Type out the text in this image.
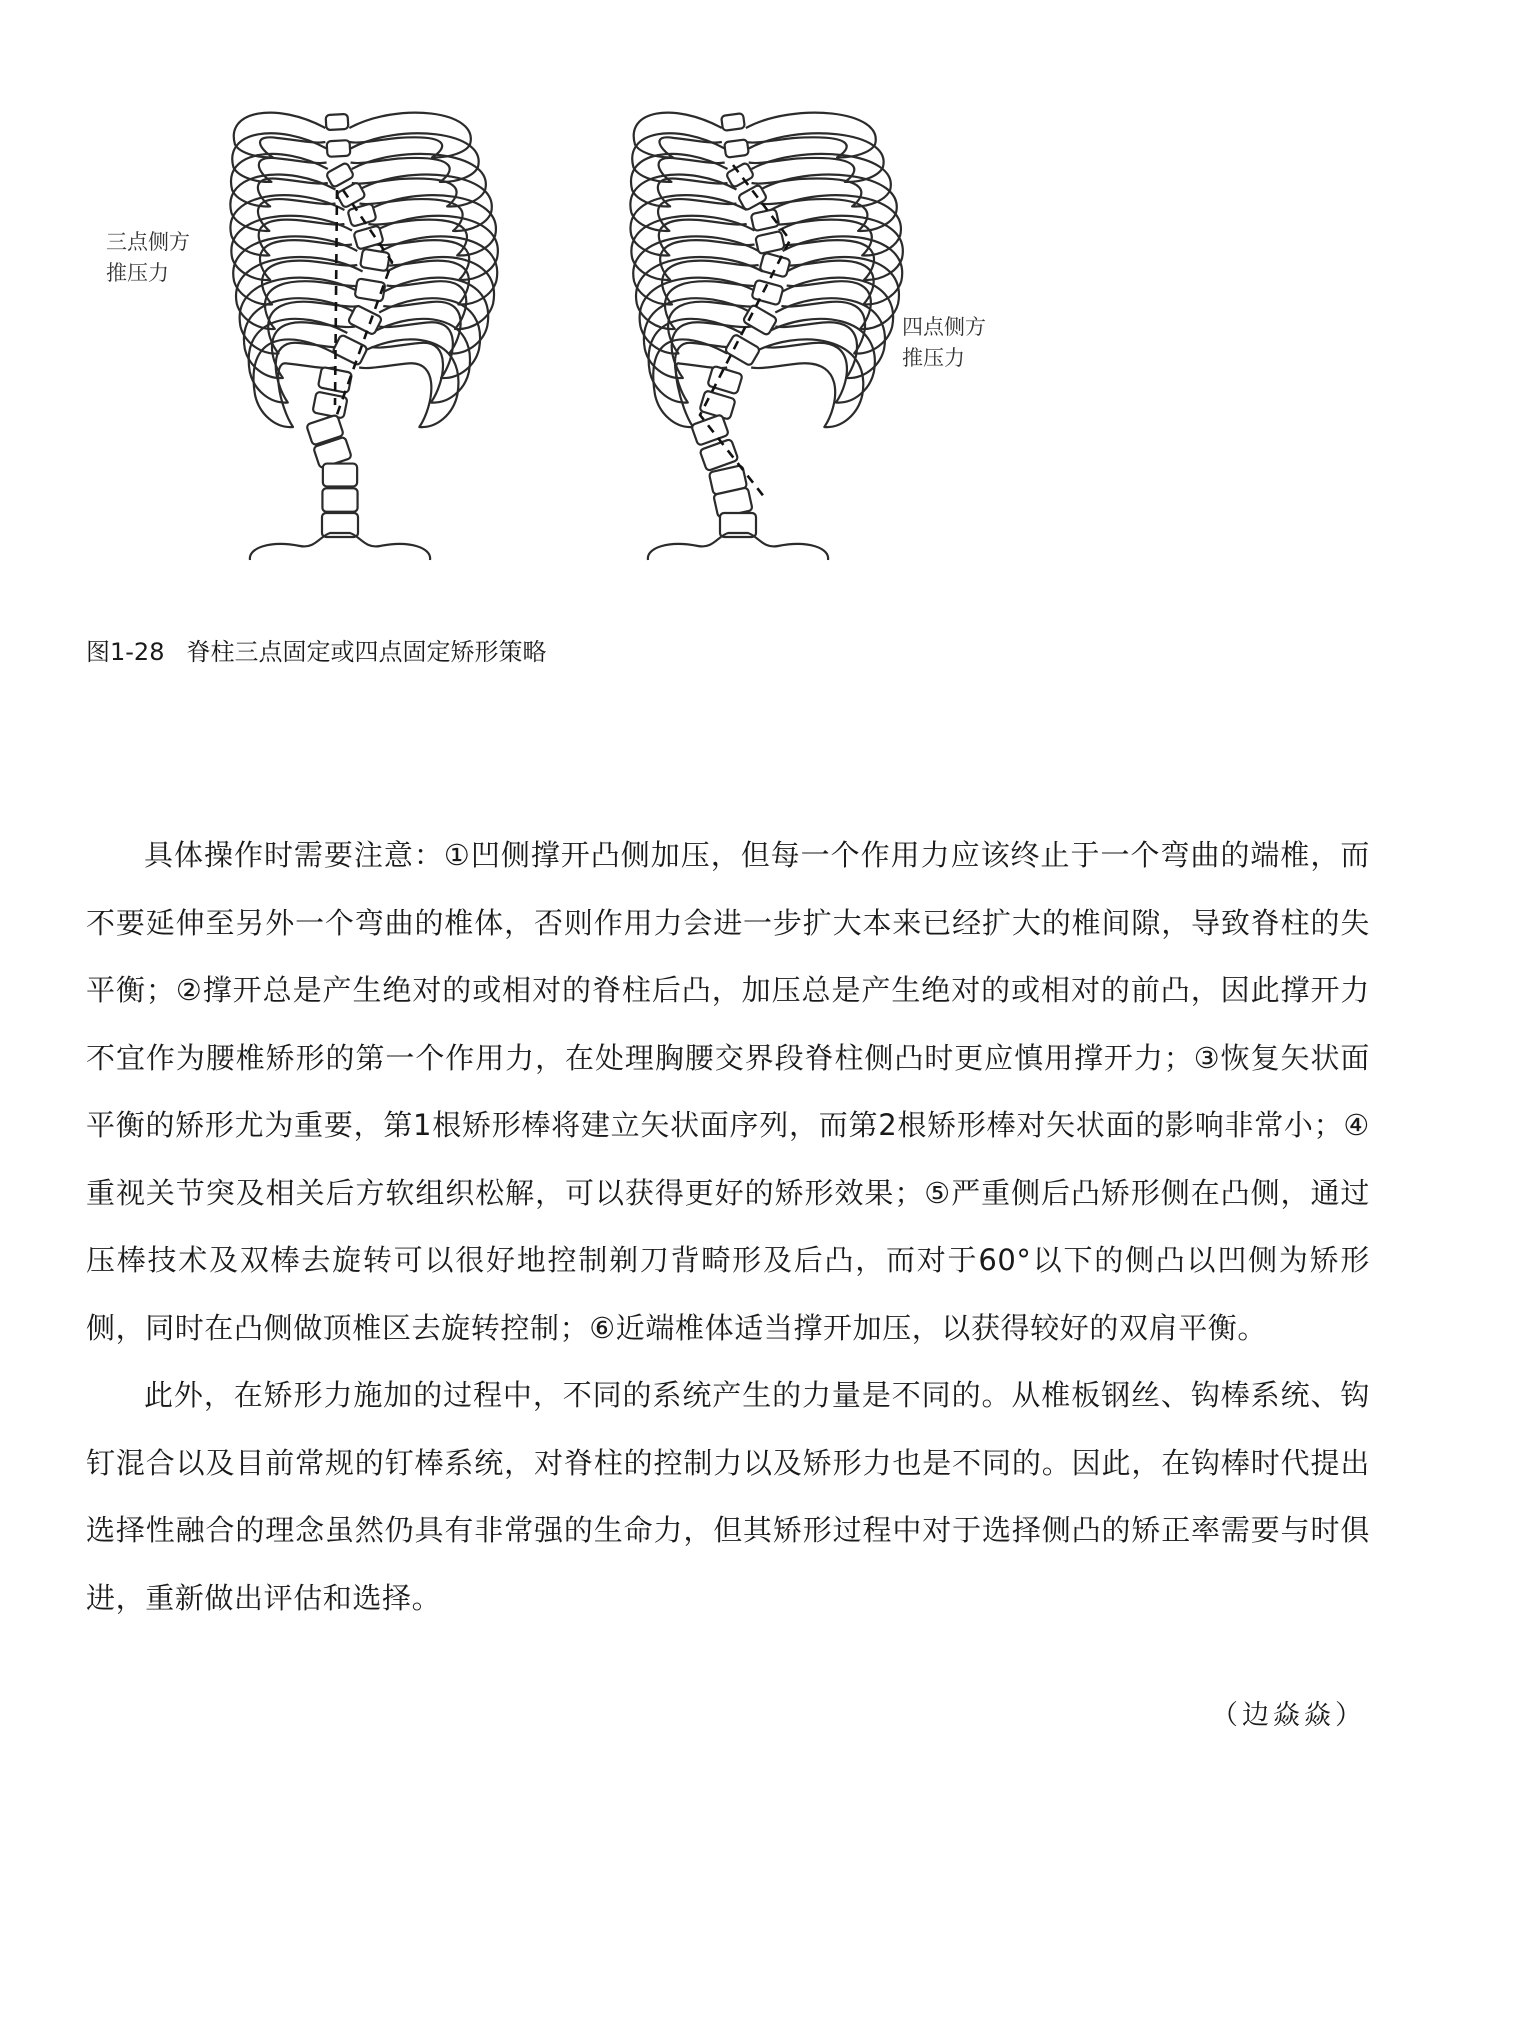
三点侧方
推压力
四点侧方
推压力
图1-28 脊柱三点固定或四点固定矫形策略

具体操作时需要注意：①凹侧撑开凸侧加压，但每一个作用力应该终止于一个弯曲的端椎，而不要延伸至另外一个弯曲的椎体，否则作用力会进一步扩大本来已经扩大的椎间隙，导致脊柱的失平衡；②撑开总是产生绝对的或相对的脊柱后凸，加压总是产生绝对的或相对的前凸，因此撑开力不宜作为腰椎矫形的第一个作用力，在处理胸腰交界段脊柱侧凸时更应慎用撑开力；③恢复矢状面平衡的矫形尤为重要，第1根矫形棒将建立矢状面序列，而第2根矫形棒对矢状面的影响非常小；④重视关节突及相关后方软组织松解，可以获得更好的矫形效果；⑤严重侧后凸矫形侧在凸侧，通过压棒技术及双棒去旋转可以很好地控制剃刀背畸形及后凸，而对于60°以下的侧凸以凹侧为矫形侧，同时在凸侧做顶椎区去旋转控制；⑥近端椎体适当撑开加压，以获得较好的双肩平衡。

此外，在矫形力施加的过程中，不同的系统产生的力量是不同的。从椎板钢丝、钩棒系统、钩钉混合以及目前常规的钉棒系统，对脊柱的控制力以及矫形力也是不同的。因此，在钩棒时代提出选择性融合的理念虽然仍具有非常强的生命力，但其矫形过程中对于选择侧凸的矫正率需要与时俱进，重新做出评估和选择。

（边焱焱）
